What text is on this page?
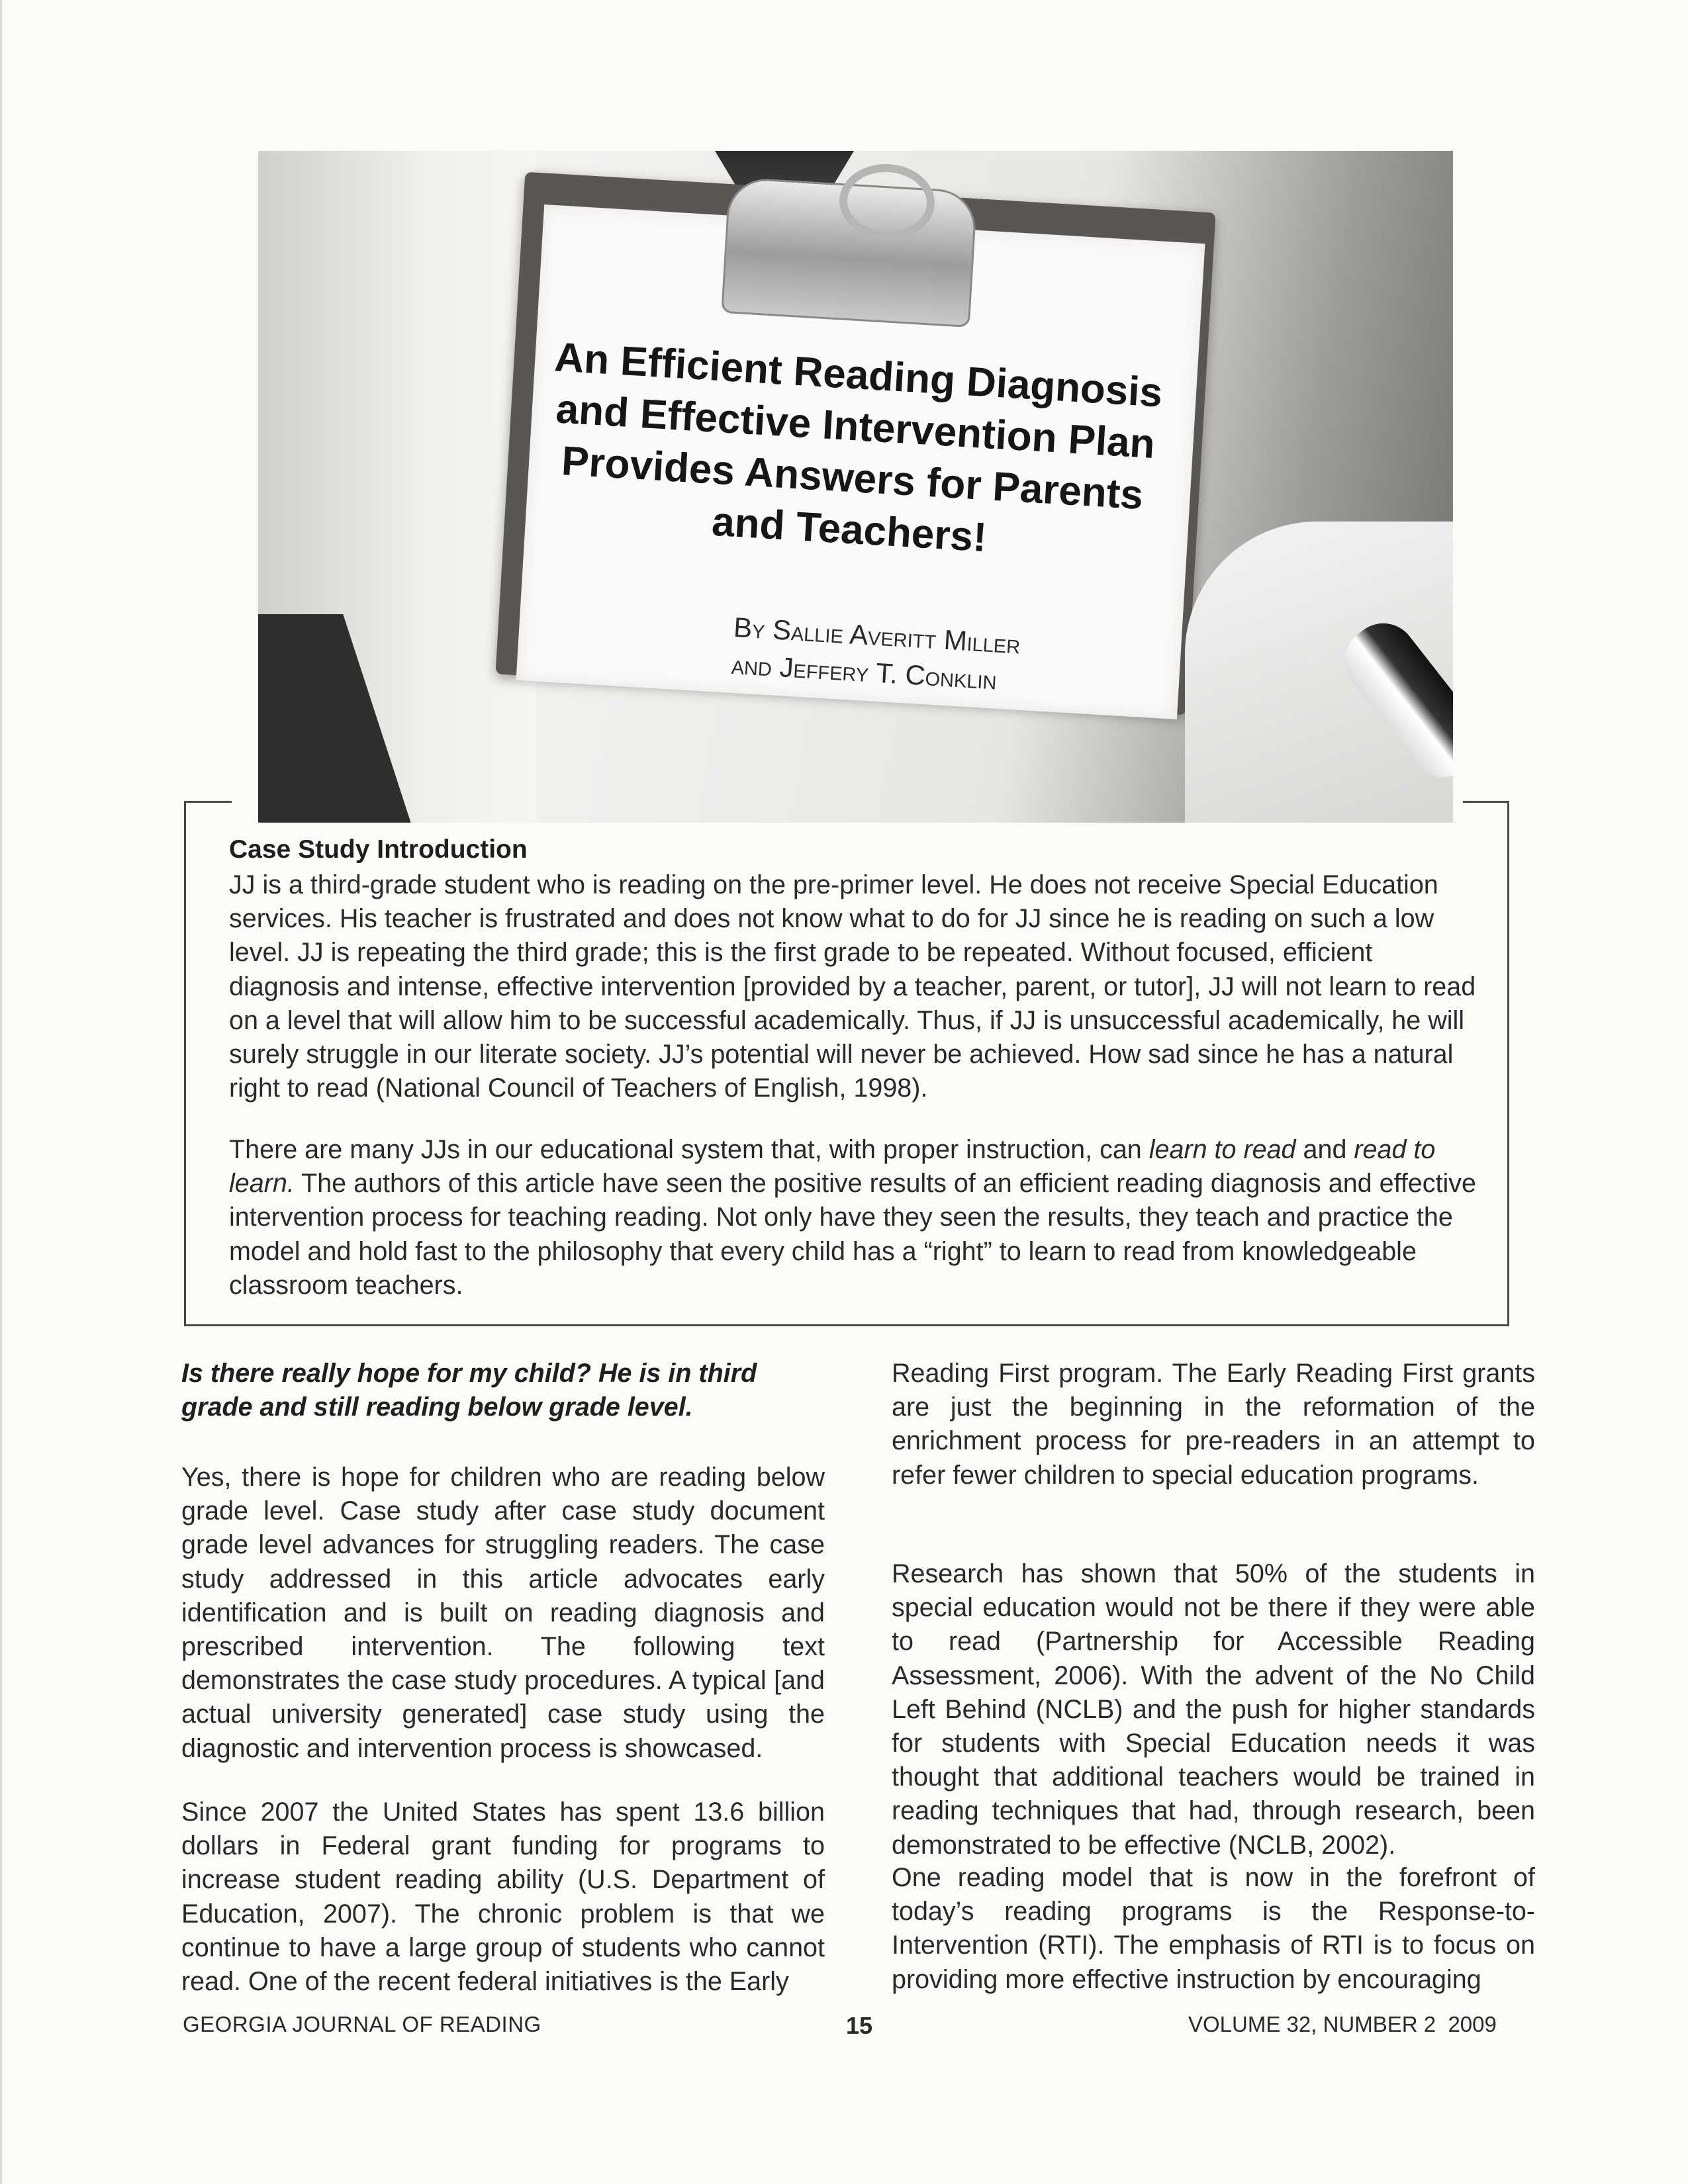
An Efficient Reading Diagnosis and Effective Intervention Plan Provides Answers for Parents and Teachers!

By Sallie Averitt Miller
and Jeffery T. Conklin

Case Study Introduction

JJ is a third-grade student who is reading on the pre-primer level. He does not receive Special Education services. His teacher is frustrated and does not know what to do for JJ since he is reading on such a low level. JJ is repeating the third grade; this is the first grade to be repeated. Without focused, efficient diagnosis and intense, effective intervention [provided by a teacher, parent, or tutor], JJ will not learn to read on a level that will allow him to be successful academically. Thus, if JJ is unsuccessful academically, he will surely struggle in our literate society. JJ’s potential will never be achieved. How sad since he has a natural right to read (National Council of Teachers of English, 1998).

There are many JJs in our educational system that, with proper instruction, can learn to read and read to learn. The authors of this article have seen the positive results of an efficient reading diagnosis and effective intervention process for teaching reading. Not only have they seen the results, they teach and practice the model and hold fast to the philosophy that every child has a “right” to learn to read from knowledgeable classroom teachers.

Is there really hope for my child? He is in third grade and still reading below grade level.

Yes, there is hope for children who are reading below grade level. Case study after case study document grade level advances for struggling readers. The case study addressed in this article advocates early identification and is built on reading diagnosis and prescribed intervention. The following text demonstrates the case study procedures. A typical [and actual university generated] case study using the diagnostic and intervention process is showcased.

Since 2007 the United States has spent 13.6 billion dollars in Federal grant funding for programs to increase student reading ability (U.S. Department of Education, 2007). The chronic problem is that we continue to have a large group of students who cannot read. One of the recent federal initiatives is the Early

Reading First program. The Early Reading First grants are just the beginning in the reformation of the enrichment process for pre-readers in an attempt to refer fewer children to special education programs.

Research has shown that 50% of the students in special education would not be there if they were able to read (Partnership for Accessible Reading Assessment, 2006). With the advent of the No Child Left Behind (NCLB) and the push for higher standards for students with Special Education needs it was thought that additional teachers would be trained in reading techniques that had, through research, been demonstrated to be effective (NCLB, 2002).

One reading model that is now in the forefront of today’s reading programs is the Response-to-Intervention (RTI). The emphasis of RTI is to focus on providing more effective instruction by encouraging

GEORGIA JOURNAL OF READING	15	VOLUME 32, NUMBER 2  2009
